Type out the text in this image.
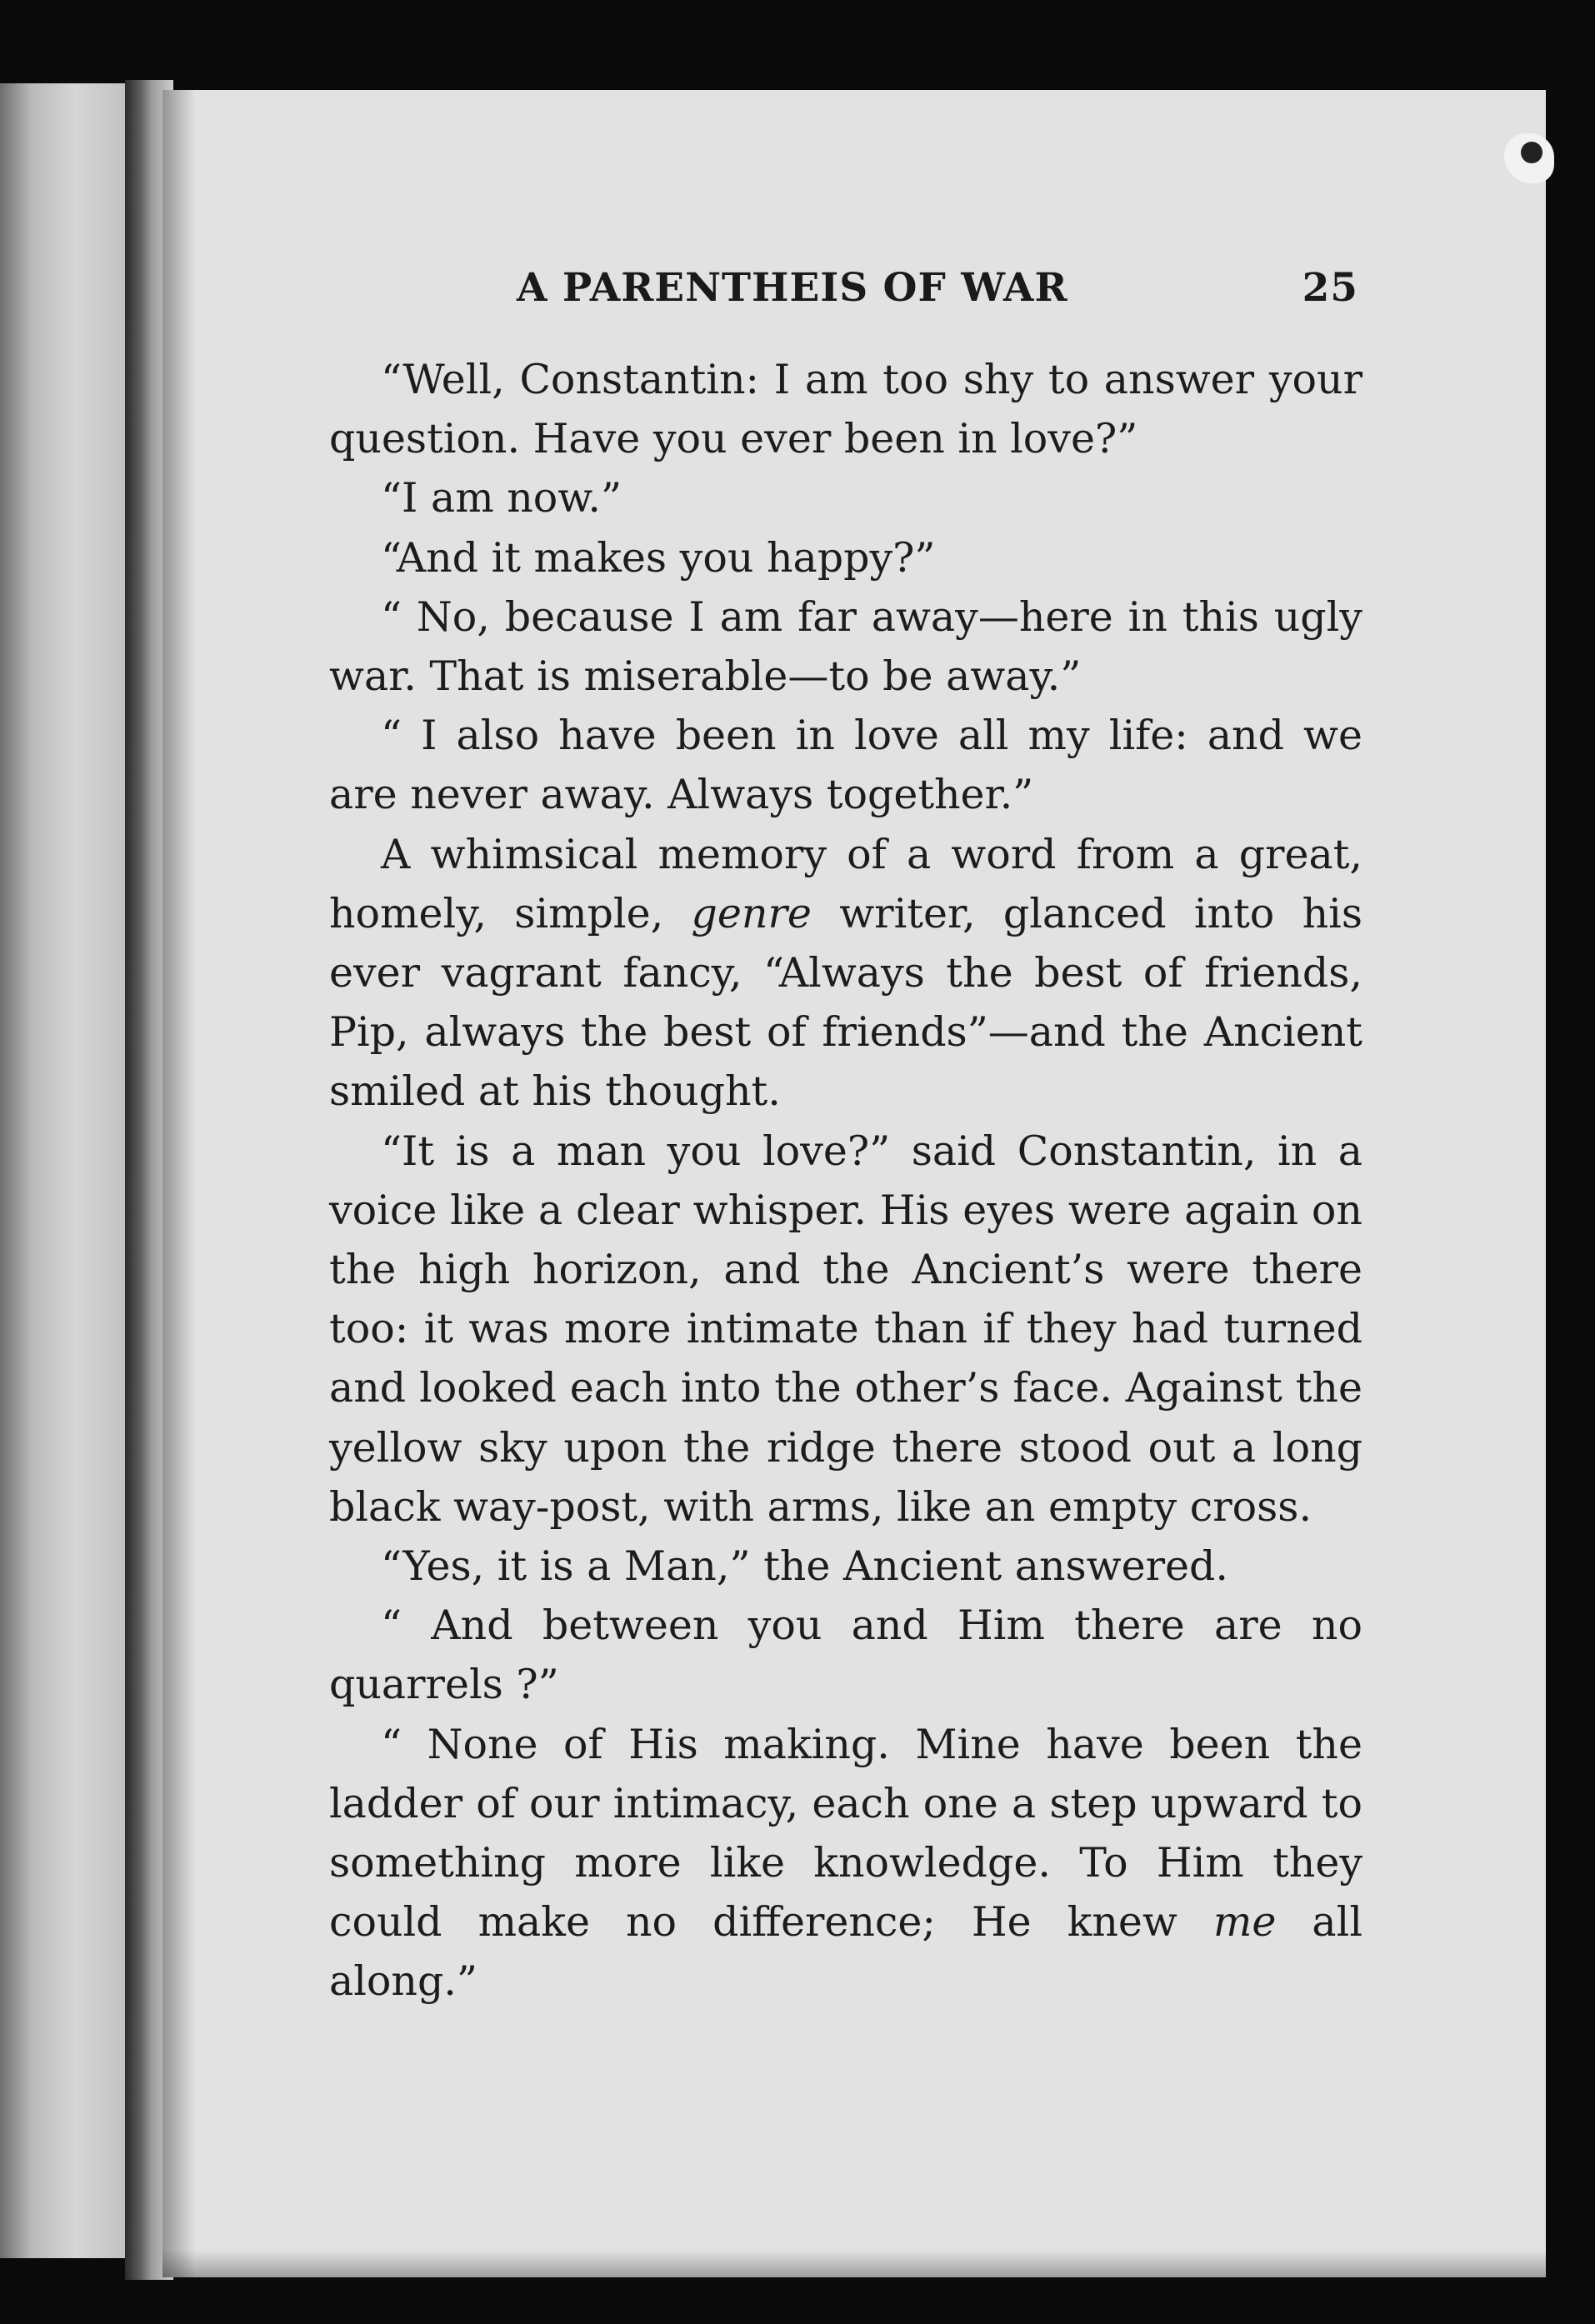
A PARENTHEIS OF WAR	25

“Well, Constantin: I am too shy to answer your question. Have you ever been in love?”

“I am now.”

“And it makes you happy?”

“ No, because I am far away—here in this ugly war. That is miserable—to be away.”

“ I also have been in love all my life: and we are never away. Always together.”

A whimsical memory of a word from a great, homely, simple, genre writer, glanced into his ever vagrant fancy, “Always the best of friends, Pip, always the best of friends”—and the Ancient smiled at his thought.

“It is a man you love?” said Constantin, in a voice like a clear whisper. His eyes were again on the high horizon, and the Ancient’s were there too: it was more intimate than if they had turned and looked each into the other’s face. Against the yellow sky upon the ridge there stood out a long black way-post, with arms, like an empty cross.

“Yes, it is a Man,” the Ancient answered.

“ And between you and Him there are no quarrels ?”

“ None of His making. Mine have been the ladder of our intimacy, each one a step upward to something more like knowledge. To Him they could make no difference; He knew me all along.”
